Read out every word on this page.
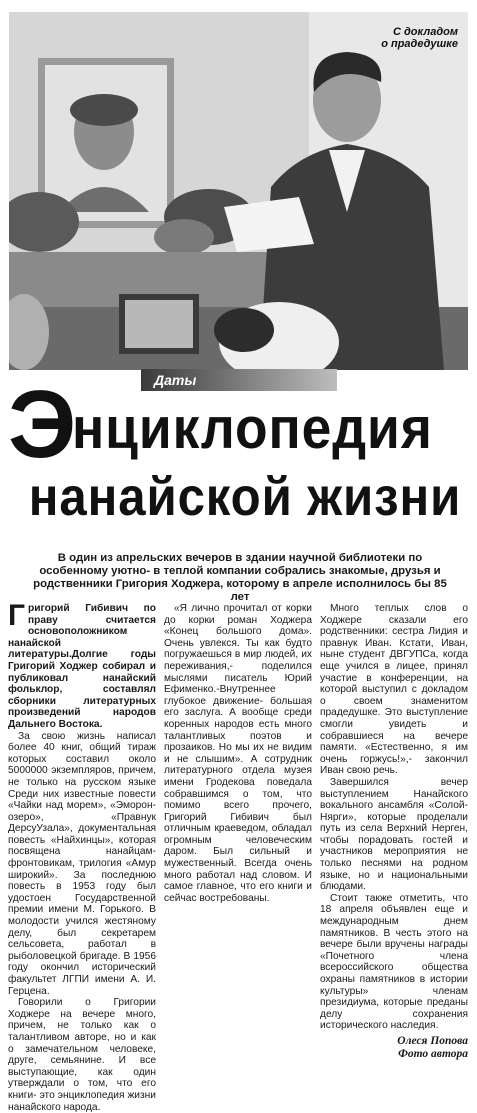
С докладом
о прадедушке
Даты
Э
нциклопедия
нанайской жизни
В один из апрельских вечеров в здании научной библиотеки по особенному уютно- в теплой компании собрались знакомые, друзья и родственники Григория Ходжера, которому в апреле исполнилось бы 85 лет

Григорий Гибивич по праву считается основоположником нанайской литературы.Долгие годы Григорий Ходжер собирал и публиковал нанайский фольклор, составлял сборники литературных произведений народов Дальнего Востока.

За свою жизнь написал более 40 книг, общий тираж которых составил около 5000000 экземпляров, причем, не только на русском языке Среди них известные повести «Чайки над морем», «Эморон-озеро», «Правнук ДерсуУзала», документальная повесть «Найхинцы», которая посвящена нанайцам-фронтовикам, трилогия «Амур широкий». За последнюю повесть в 1953 году был удостоен Государственной премии имени М. Горького. В молодости учился жестяному делу, был секретарем сельсовета, работал в рыболовецкой бригаде. В 1956 году окончил исторический факультет ЛГПИ имени А. И. Герцена.

Говорили о Григории Ходжере на вечере много, причем, не только как о талантливом авторе, но и как о замечательном человеке, друге, семьянине. И все выступающие, как один утверждали о том, что его книги- это энциклопедия жизни нанайского народа.

«Я лично прочитал от корки до корки роман Ходжера «Конец большого дома». Очень увлекся. Ты как будто погружаешься в мир людей, их переживания,- поделился мыслями писатель Юрий Ефименко.-Внутреннее глубокое движение- большая его заслуга. А вообще среди коренных народов есть много талантливых поэтов и прозаиков. Но мы их не видим и не слышим». А сотрудник литературного отдела музея имени Гродекова поведала собравшимся о том, что помимо всего прочего, Григорий Гибивич был отличным краеведом, обладал огромным человеческим даром. Был сильный и мужественный. Всегда очень много работал над словом. И самое главное, что его книги и сейчас востребованы.

Много теплых слов о Ходжере сказали его родственники: сестра Лидия и правнук Иван. Кстати, Иван, ныне студент ДВГУПСа, когда еще учился в лицее, принял участие в конференции, на которой выступил с докладом о своем знаменитом прадедушке. Это выступление смогли увидеть и собравшиеся на вечере памяти. «Естественно, я им очень горжусь!»,- закончил Иван свою речь.

Завершился вечер выступлением Нанайского вокального ансамбля «Солой-Нярги», которые проделали путь из села Верхний Нерген, чтобы порадовать гостей и участников мероприятия не только песнями на родном языке, но и национальными блюдами.

Стоит также отметить, что 18 апреля объявлен еще и международным днем памятников. В честь этого на вечере были вручены награды «Почетного члена всероссийского общества охраны памятников в истории культуры» членам президиума, которые преданы делу сохранения исторического наследия.

Олеся Попова
Фото автора
